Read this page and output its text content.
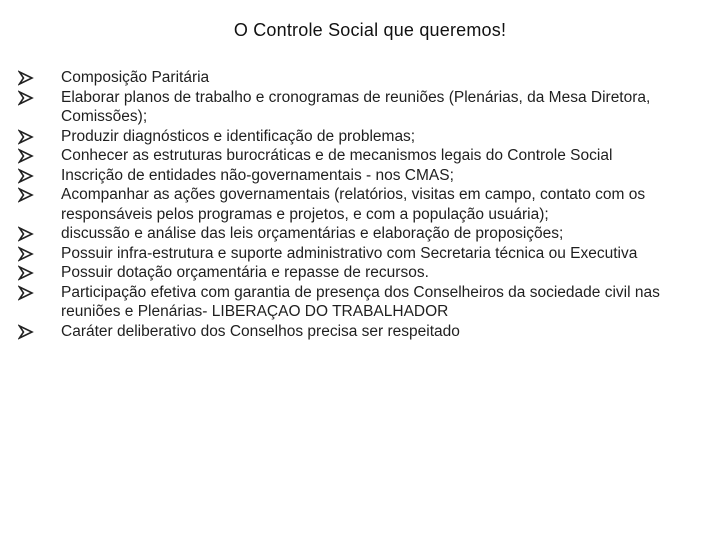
O Controle Social que queremos!
Composição Paritária
Elaborar planos de trabalho e cronogramas de reuniões (Plenárias, da Mesa Diretora, Comissões);
Produzir diagnósticos e identificação de problemas;
Conhecer as estruturas burocráticas e de mecanismos legais do Controle Social
Inscrição de entidades não-governamentais - nos CMAS;
Acompanhar as ações governamentais (relatórios, visitas em campo, contato com os responsáveis pelos programas e projetos, e com a população usuária);
discussão e análise das leis orçamentárias e elaboração de proposições;
Possuir infra-estrutura e suporte administrativo com Secretaria técnica ou Executiva
Possuir dotação orçamentária e repasse de recursos.
Participação efetiva com garantia de presença dos Conselheiros da sociedade civil nas reuniões e Plenárias- LIBERAÇAO DO TRABALHADOR
Caráter deliberativo dos Conselhos precisa ser respeitado
